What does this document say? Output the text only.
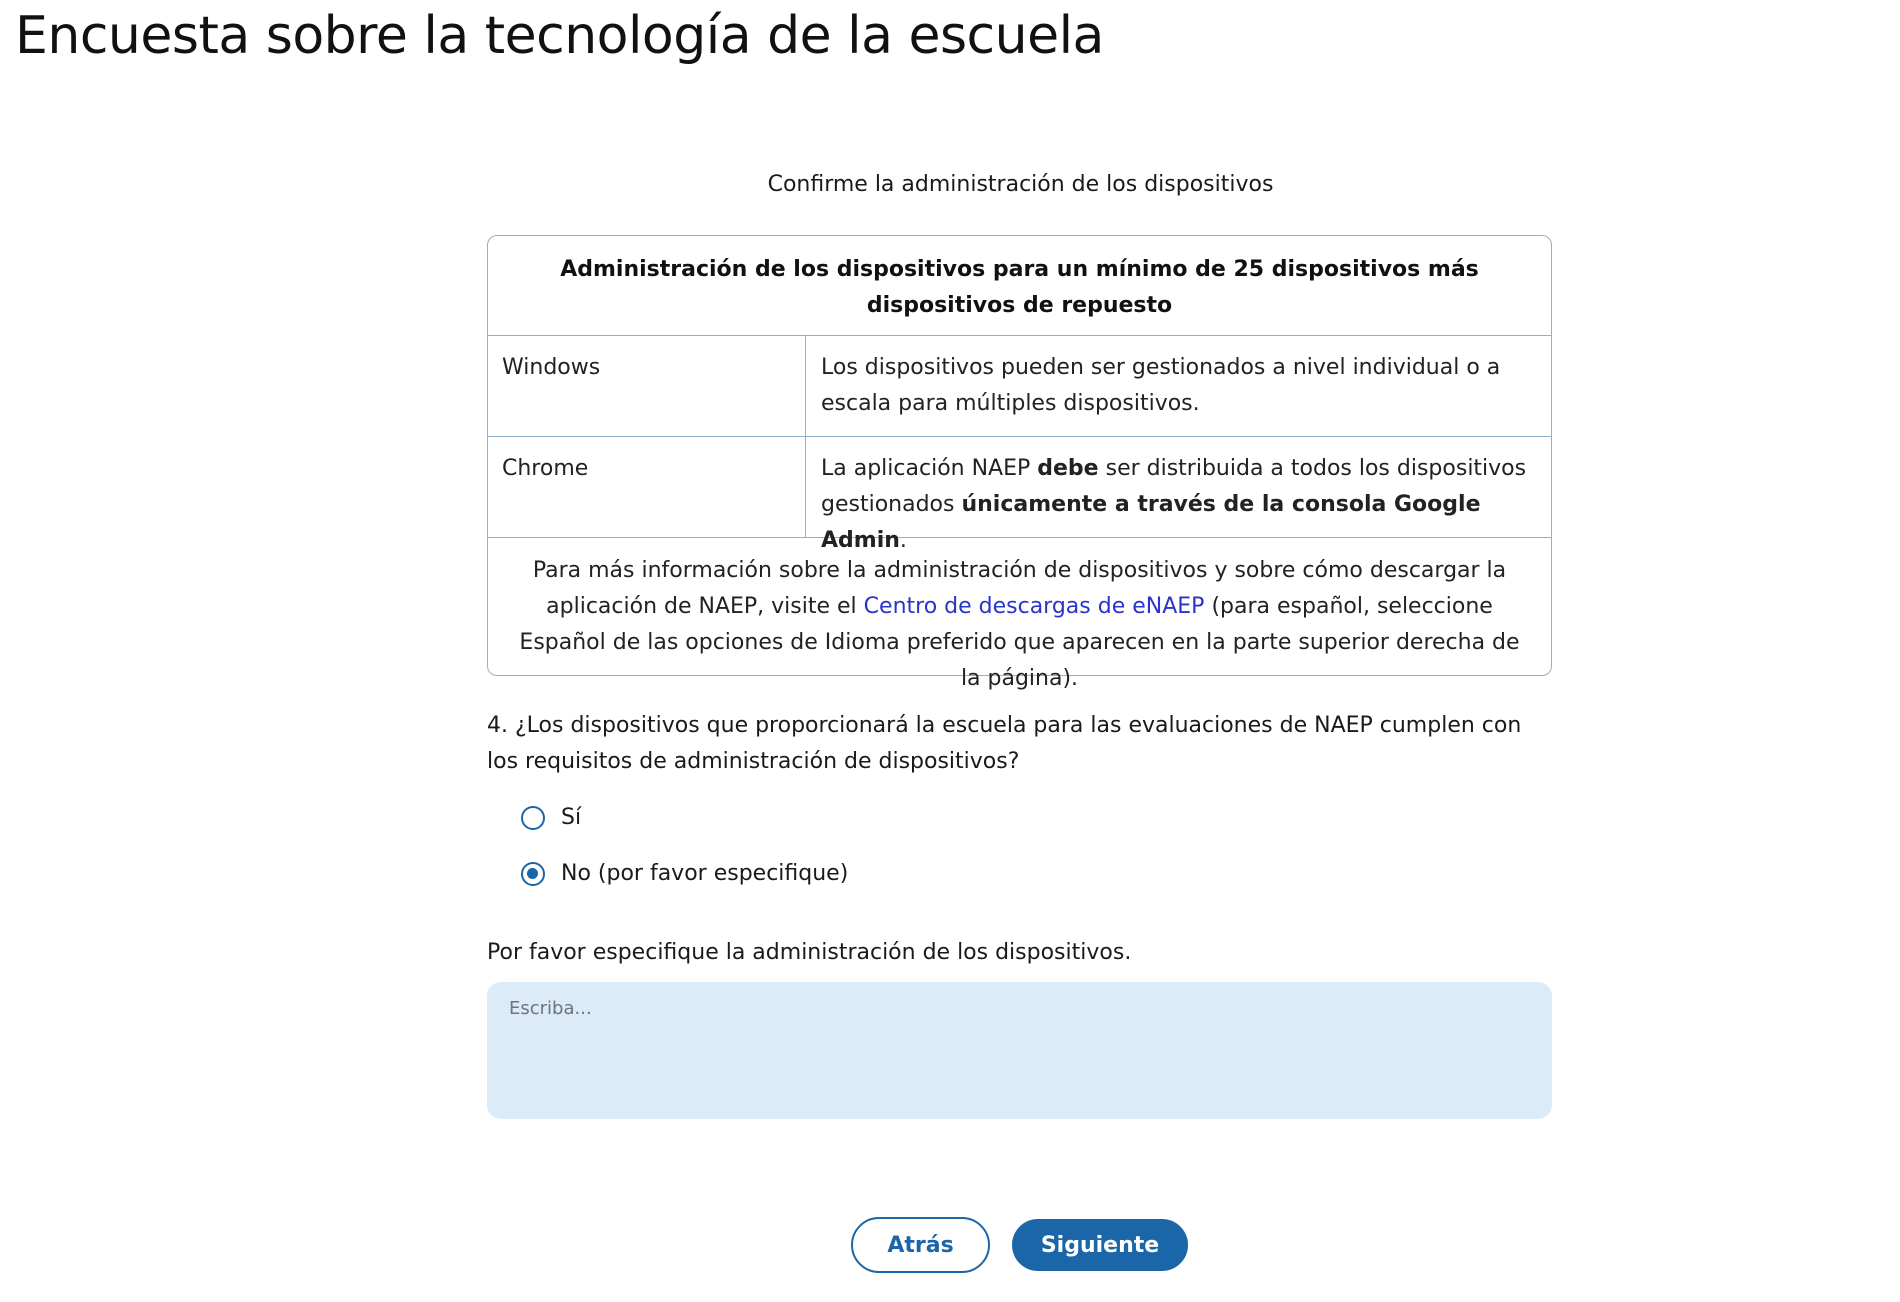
Encuesta sobre la tecnología de la escuela
Confirme la administración de los dispositivos
Administración de los dispositivos para un mínimo de 25 dispositivos más dispositivos de repuesto
Windows	Los dispositivos pueden ser gestionados a nivel individual o a escala para múltiples dispositivos.
Chrome	La aplicación NAEP debe ser distribuida a todos los dispositivos gestionados únicamente a través de la consola Google Admin.
Para más información sobre la administración de dispositivos y sobre cómo descargar la aplicación de NAEP, visite el Centro de descargas de eNAEP (para español, seleccione Español de las opciones de Idioma preferido que aparecen en la parte superior derecha de la página).
4. ¿Los dispositivos que proporcionará la escuela para las evaluaciones de NAEP cumplen con los requisitos de administración de dispositivos?
Sí
No (por favor especifique)
Por favor especifique la administración de los dispositivos.
Escriba...
Atrás	Siguiente
